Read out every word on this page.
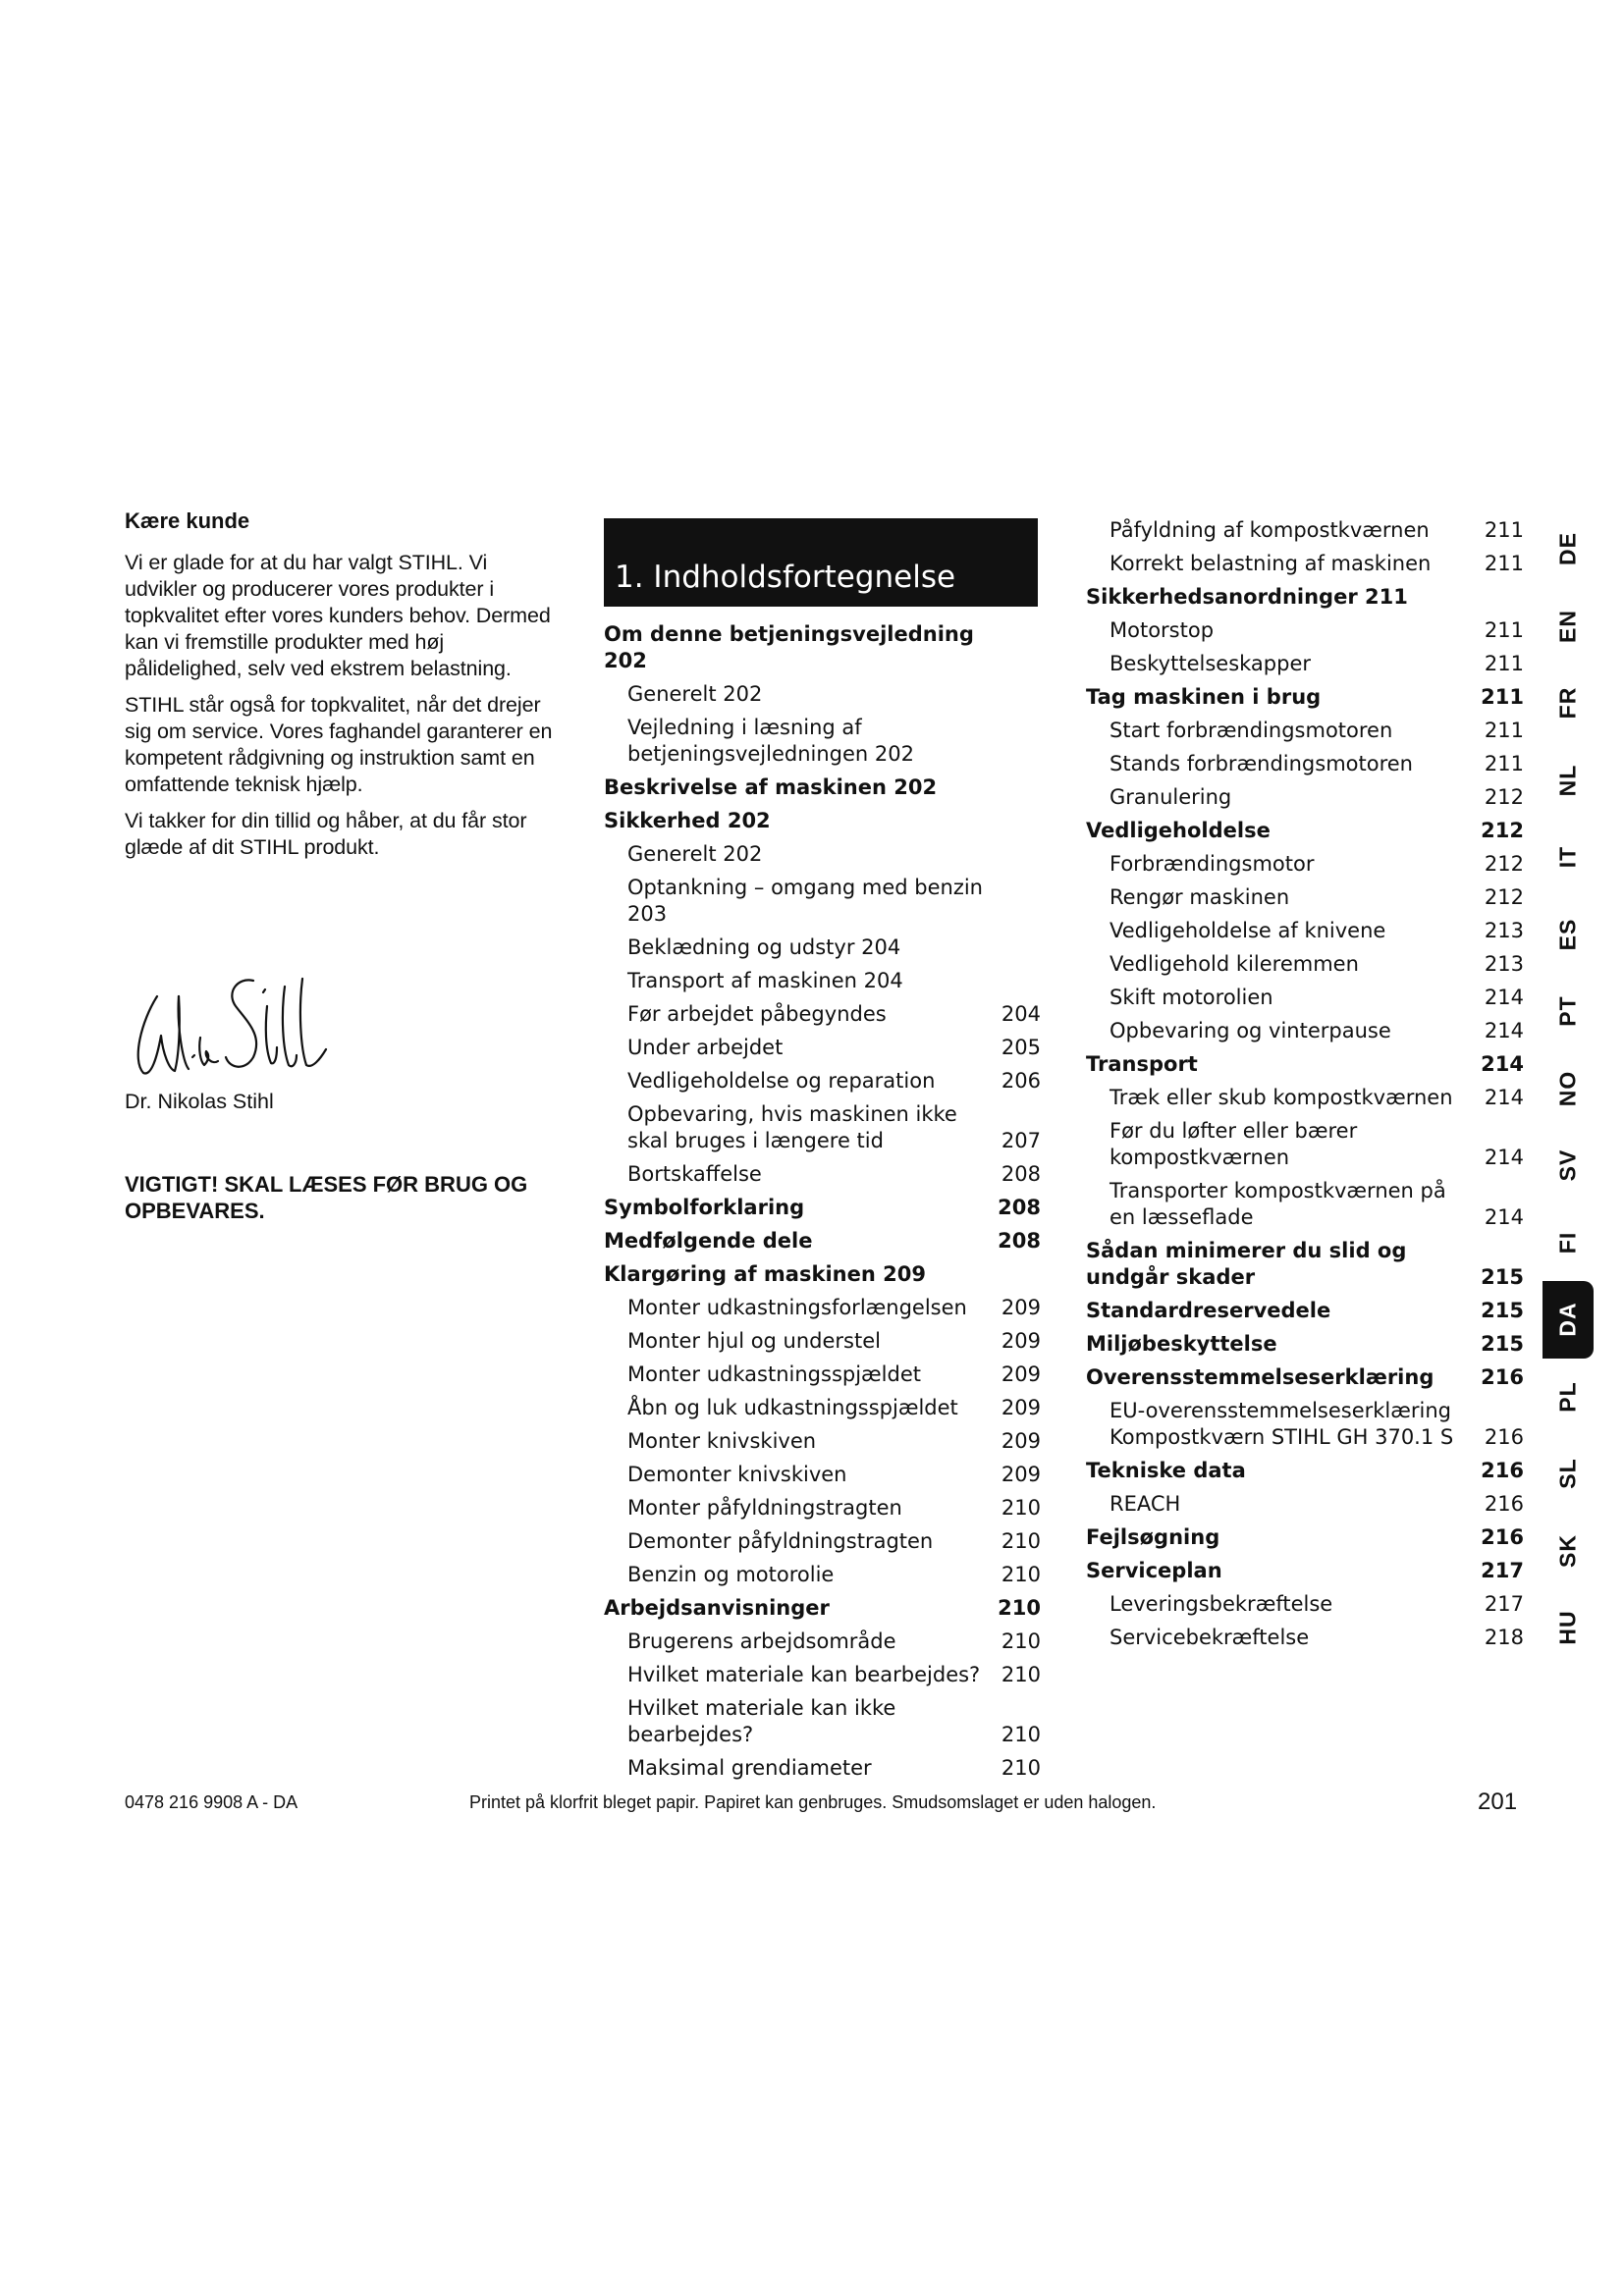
Kære kunde

Vi er glade for at du har valgt STIHL. Vi udvikler og producerer vores produkter i topkvalitet efter vores kunders behov. Dermed kan vi fremstille produkter med høj pålidelighed, selv ved ekstrem belastning.

STIHL står også for topkvalitet, når det drejer sig om service. Vores faghandel garanterer en kompetent rådgivning og instruktion samt en omfattende teknisk hjælp.

Vi takker for din tillid og håber, at du får stor glæde af dit STIHL produkt.

Dr. Nikolas Stihl
VIGTIGT! SKAL LÆSES FØR BRUG OG OPBEVARES.
1. Indholdsfortegnelse
Om denne betjeningsvejledning 202
Generelt 202
Vejledning i læsning af betjeningsvejledningen 202
Beskrivelse af maskinen 202
Sikkerhed 202
Generelt 202
Optankning – omgang med benzin 203
Beklædning og udstyr 204
Transport af maskinen 204
Før arbejdet påbegyndes	204
Under arbejdet	205
Vedligeholdelse og reparation	206
Opbevaring, hvis maskinen ikke skal bruges i længere tid	207
Bortskaffelse	208
Symbolforklaring	208
Medfølgende dele	208
Klargøring af maskinen 209
Monter udkastningsforlængelsen	209
Monter hjul og understel	209
Monter udkastningsspjældet	209
Åbn og luk udkastningsspjældet	209
Monter knivskiven	209
Demonter knivskiven	209
Monter påfyldningstragten	210
Demonter påfyldningstragten	210
Benzin og motorolie	210
Arbejdsanvisninger	210
Brugerens arbejdsområde	210
Hvilket materiale kan bearbejdes?	210
Hvilket materiale kan ikke bearbejdes?	210
Maksimal grendiameter	210
Påfyldning af kompostkværnen	211
Korrekt belastning af maskinen	211
Sikkerhedsanordninger 211
Motorstop	211
Beskyttelseskapper	211
Tag maskinen i brug	211
Start forbrændingsmotoren	211
Stands forbrændingsmotoren	211
Granulering	212
Vedligeholdelse	212
Forbrændingsmotor	212
Rengør maskinen	212
Vedligeholdelse af knivene	213
Vedligehold kileremmen	213
Skift motorolien	214
Opbevaring og vinterpause	214
Transport	214
Træk eller skub kompostkværnen	214
Før du løfter eller bærer kompostkværnen	214
Transporter kompostkværnen på en læsseflade	214
Sådan minimerer du slid og undgår skader	215
Standardreservedele	215
Miljøbeskyttelse	215
Overensstemmelseserklæring	216
EU-overensstemmelseserklæring Kompostkværn STIHL GH 370.1 S	216
Tekniske data	216
REACH	216
Fejlsøgning	216
Serviceplan	217
Leveringsbekræftelse	217
Servicebekræftelse	218
DE
EN
FR
NL
IT
ES
PT
NO
SV
FI
DA
PL
SL
SK
HU
0478 216 9908 A - DA	Printet på klorfrit bleget papir. Papiret kan genbruges. Smudsomslaget er uden halogen.	201
